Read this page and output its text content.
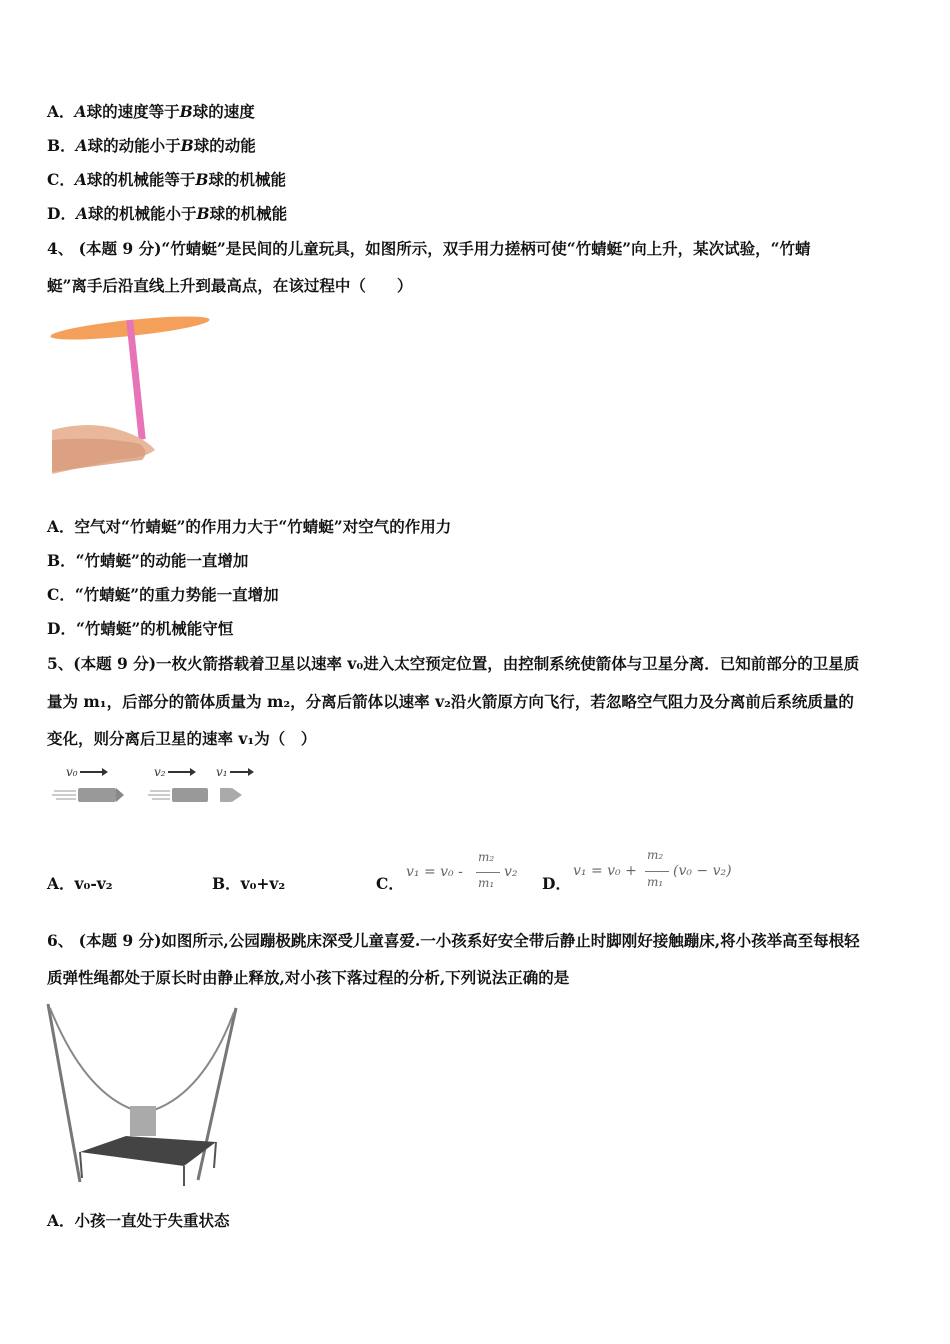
A．A球的速度等于B球的速度
B．A球的动能小于B球的动能
C．A球的机械能等于B球的机械能
D．A球的机械能小于B球的机械能
4、 (本题 9 分)“竹蜻蜓”是民间的儿童玩具，如图所示，双手用力搓柄可使“竹蜻蜓”向上升，某次试验，“竹蜻
蜓”离手后沿直线上升到最高点，在该过程中（　　）
A．空气对“竹蜻蜓”的作用力大于“竹蜻蜓”对空气的作用力
B．“竹蜻蜓”的动能一直增加
C．“竹蜻蜓”的重力势能一直增加
D．“竹蜻蜓”的机械能守恒
5、(本题 9 分)一枚火箭搭载着卫星以速率 v₀进入太空预定位置，由控制系统使箭体与卫星分离．已知前部分的卫星质
量为 m₁，后部分的箭体质量为 m₂，分离后箭体以速率 v₂沿火箭原方向飞行，若忽略空气阻力及分离前后系统质量的
变化，则分离后卫星的速率 v₁为（　）
v₀	v₂	v₁
A．v₀-v₂	B．v₀+v₂	C．
v₁ = v₀ -
m₂
m₁
v₂
D．
v₁ = v₀ +
m₂
m₁
(v₀ − v₂)
6、 (本题 9 分)如图所示,公园蹦极跳床深受儿童喜爱.一小孩系好安全带后静止时脚刚好接触蹦床,将小孩举高至每根轻
质弹性绳都处于原长时由静止释放,对小孩下落过程的分析,下列说法正确的是
A．小孩一直处于失重状态
